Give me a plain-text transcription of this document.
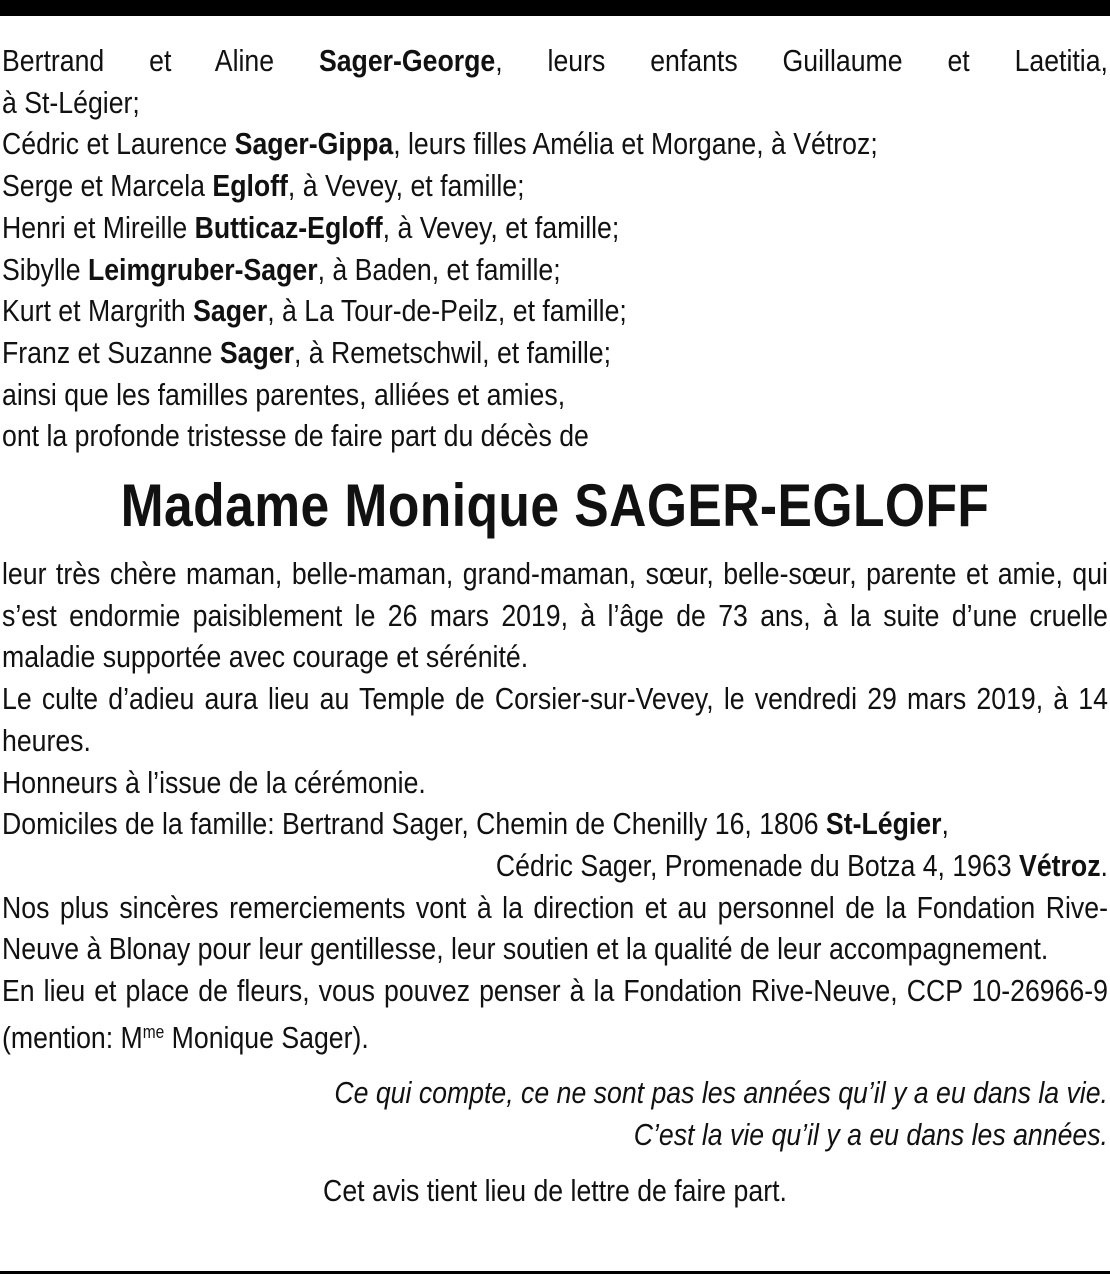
Bertrand et Aline Sager-George, leurs enfants Guillaume et Laetitia,
à St-Légier;
Cédric et Laurence Sager-Gippa, leurs filles Amélia et Morgane, à Vétroz;
Serge et Marcela Egloff, à Vevey, et famille;
Henri et Mireille Butticaz-Egloff, à Vevey, et famille;
Sibylle Leimgruber-Sager, à Baden, et famille;
Kurt et Margrith Sager, à La Tour-de-Peilz, et famille;
Franz et Suzanne Sager, à Remetschwil, et famille;
ainsi que les familles parentes, alliées et amies,
ont la profonde tristesse de faire part du décès de
Madame Monique SAGER-EGLOFF
leur très chère maman, belle-maman, grand-maman, sœur, belle-sœur, parente et amie, qui s’est endormie paisiblement le 26 mars 2019, à l’âge de 73 ans, à la suite d’une cruelle maladie supportée avec courage et sérénité.
Le culte d’adieu aura lieu au Temple de Corsier-sur-Vevey, le vendredi 29 mars 2019, à 14 heures.
Honneurs à l’issue de la cérémonie.
Domiciles de la famille: Bertrand Sager, Chemin de Chenilly 16, 1806 St-Légier,
Cédric Sager, Promenade du Botza 4, 1963 Vétroz.
Nos plus sincères remerciements vont à la direction et au personnel de la Fondation Rive-Neuve à Blonay pour leur gentillesse, leur soutien et la qualité de leur accompagnement.
En lieu et place de fleurs, vous pouvez penser à la Fondation Rive-Neuve, CCP 10-26966-9 (mention: $M^{me}$ Monique Sager).
Ce qui compte, ce ne sont pas les années qu’il y a eu dans la vie.
C’est la vie qu’il y a eu dans les années.
Cet avis tient lieu de lettre de faire part.
